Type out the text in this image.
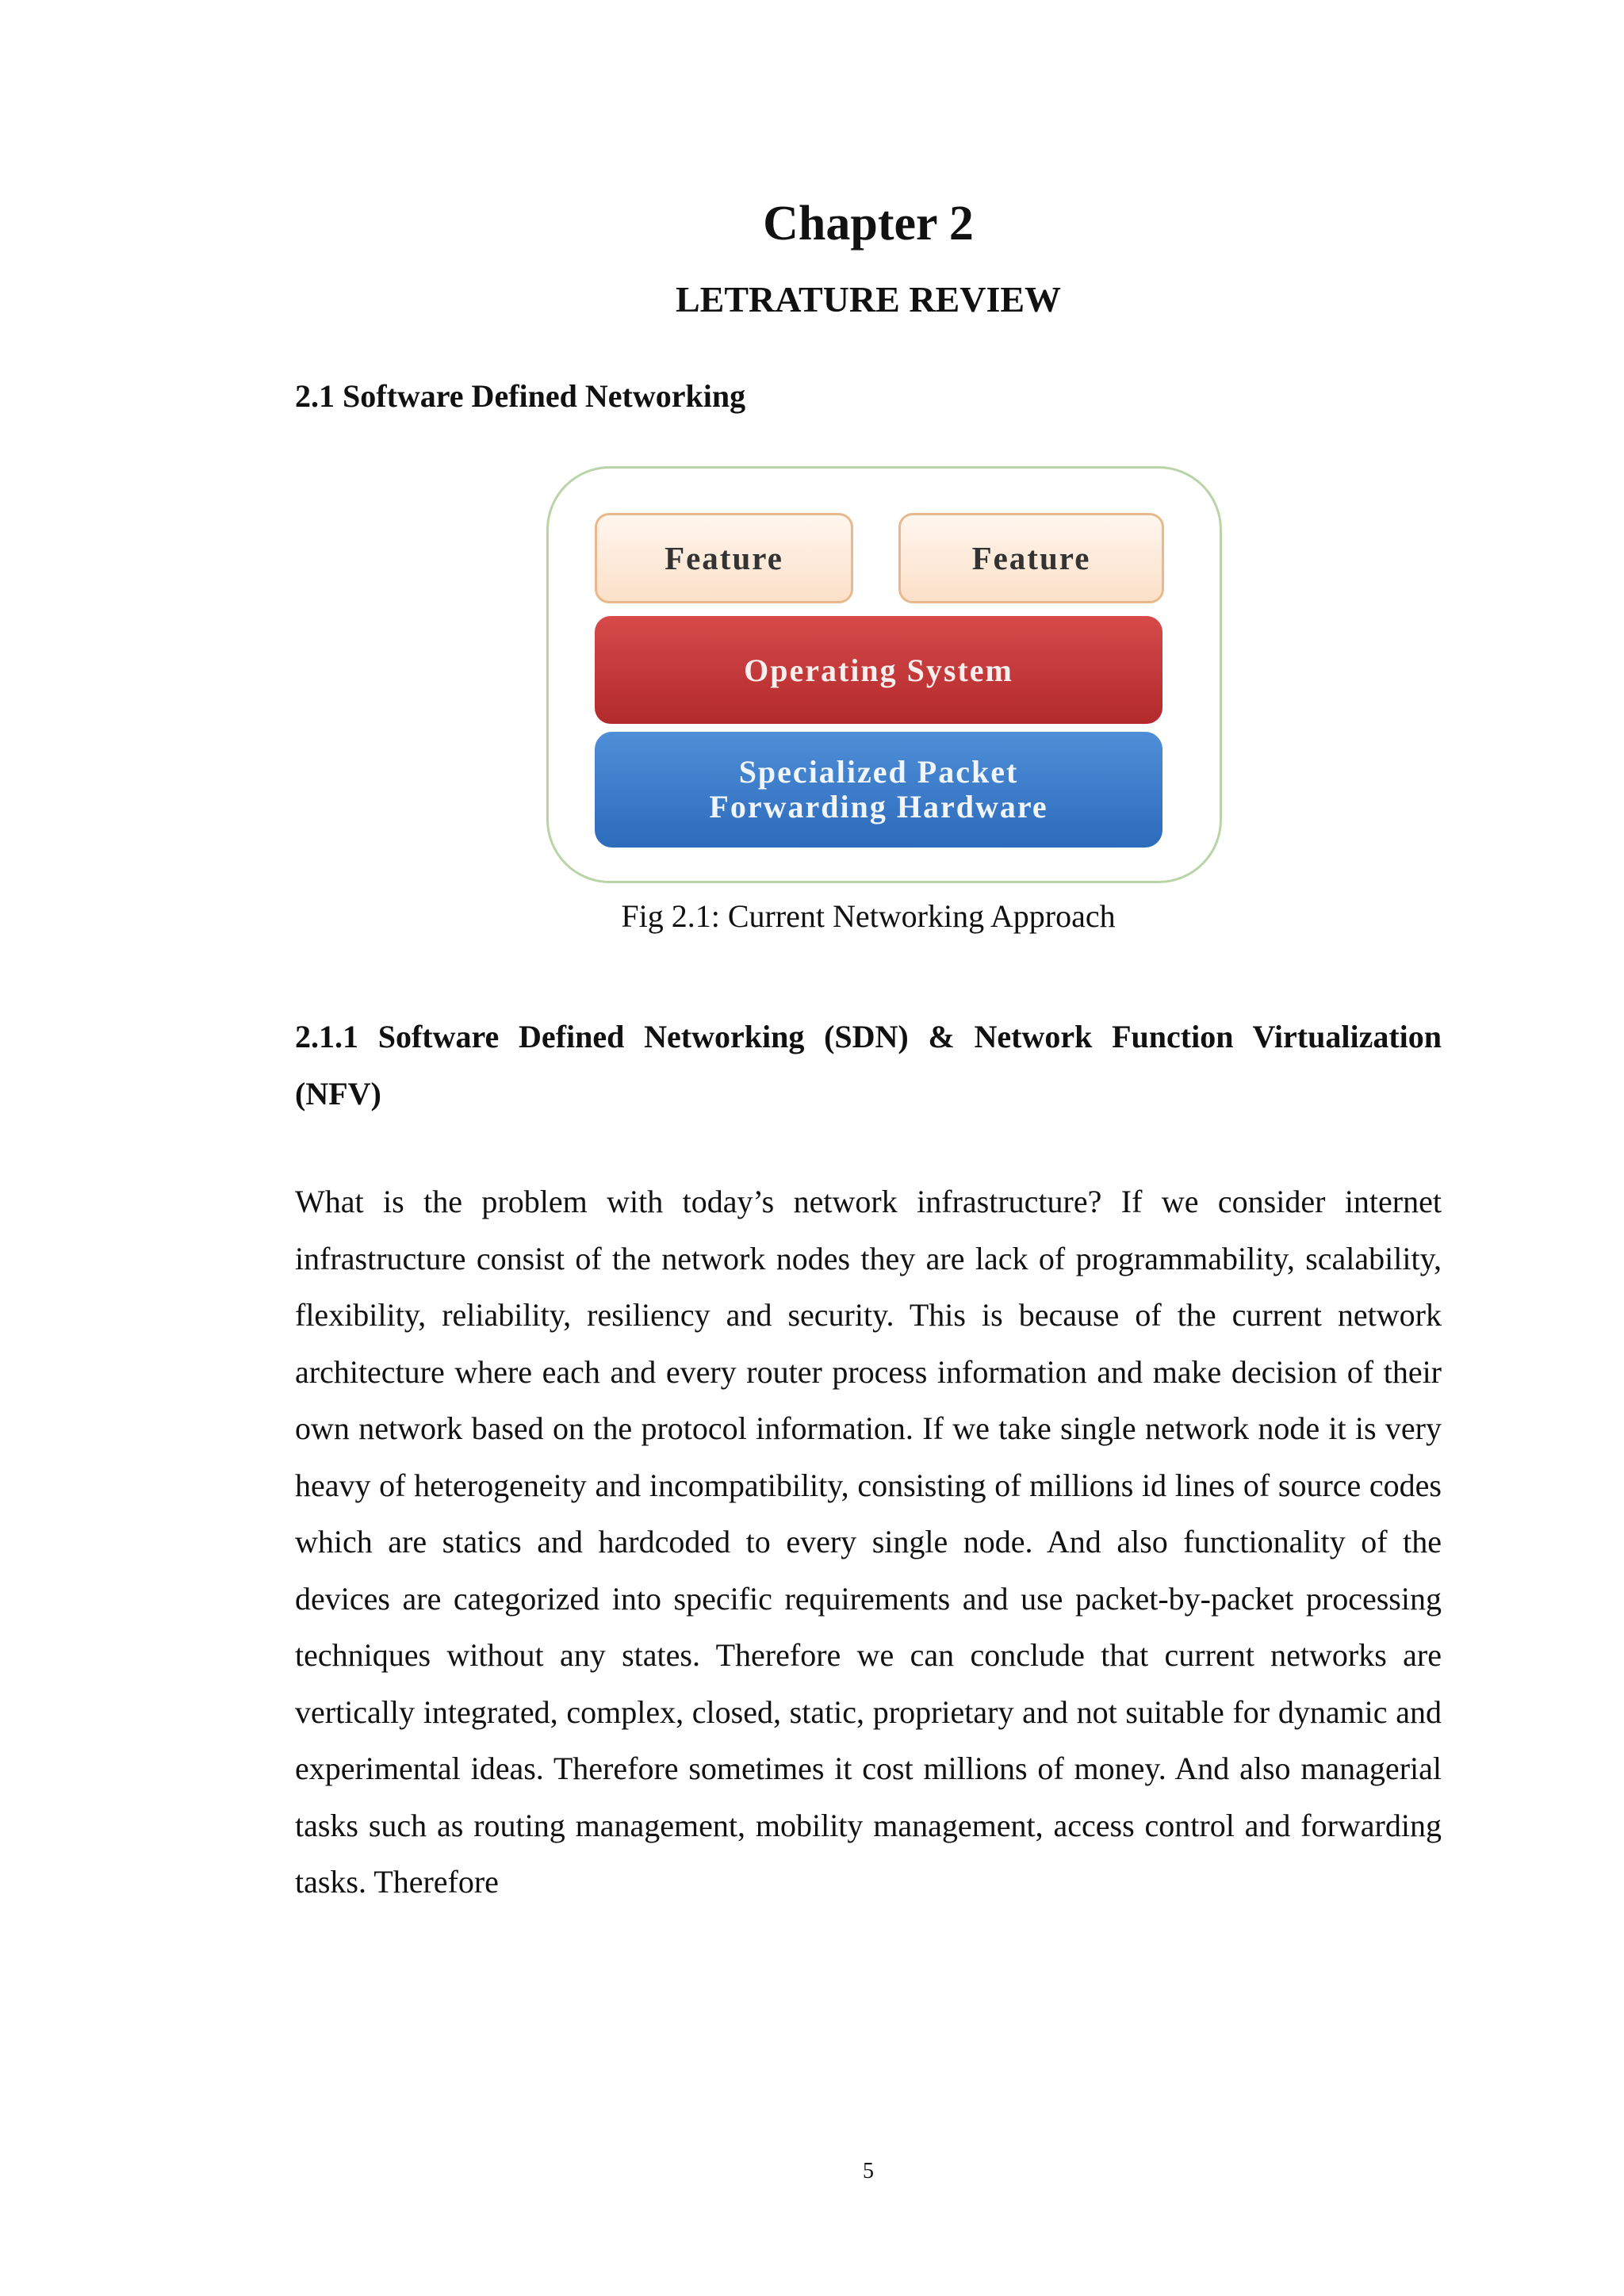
Chapter 2
LETRATURE REVIEW
2.1 Software Defined Networking
Feature	Feature
Operating System
Specialized Packet
Forwarding Hardware
Fig 2.1: Current Networking Approach
2.1.1 Software Defined Networking (SDN) & Network Function Virtualization (NFV)

What is the problem with today’s network infrastructure? If we consider internet infrastructure consist of the network nodes they are lack of programmability, scalability, flexibility, reliability, resiliency and security. This is because of the current network architecture where each and every router process information and make decision of their own network based on the protocol information. If we take single network node it is very heavy of heterogeneity and incompatibility, consisting of millions id lines of source codes which are statics and hardcoded to every single node. And also functionality of the devices are categorized into specific requirements and use packet-by-packet processing techniques without any states. Therefore we can conclude that current networks are vertically integrated, complex, closed, static, proprietary and not suitable for dynamic and experimental ideas. Therefore sometimes it cost millions of money. And also managerial tasks such as routing management, mobility management, access control and forwarding tasks. Therefore

5
